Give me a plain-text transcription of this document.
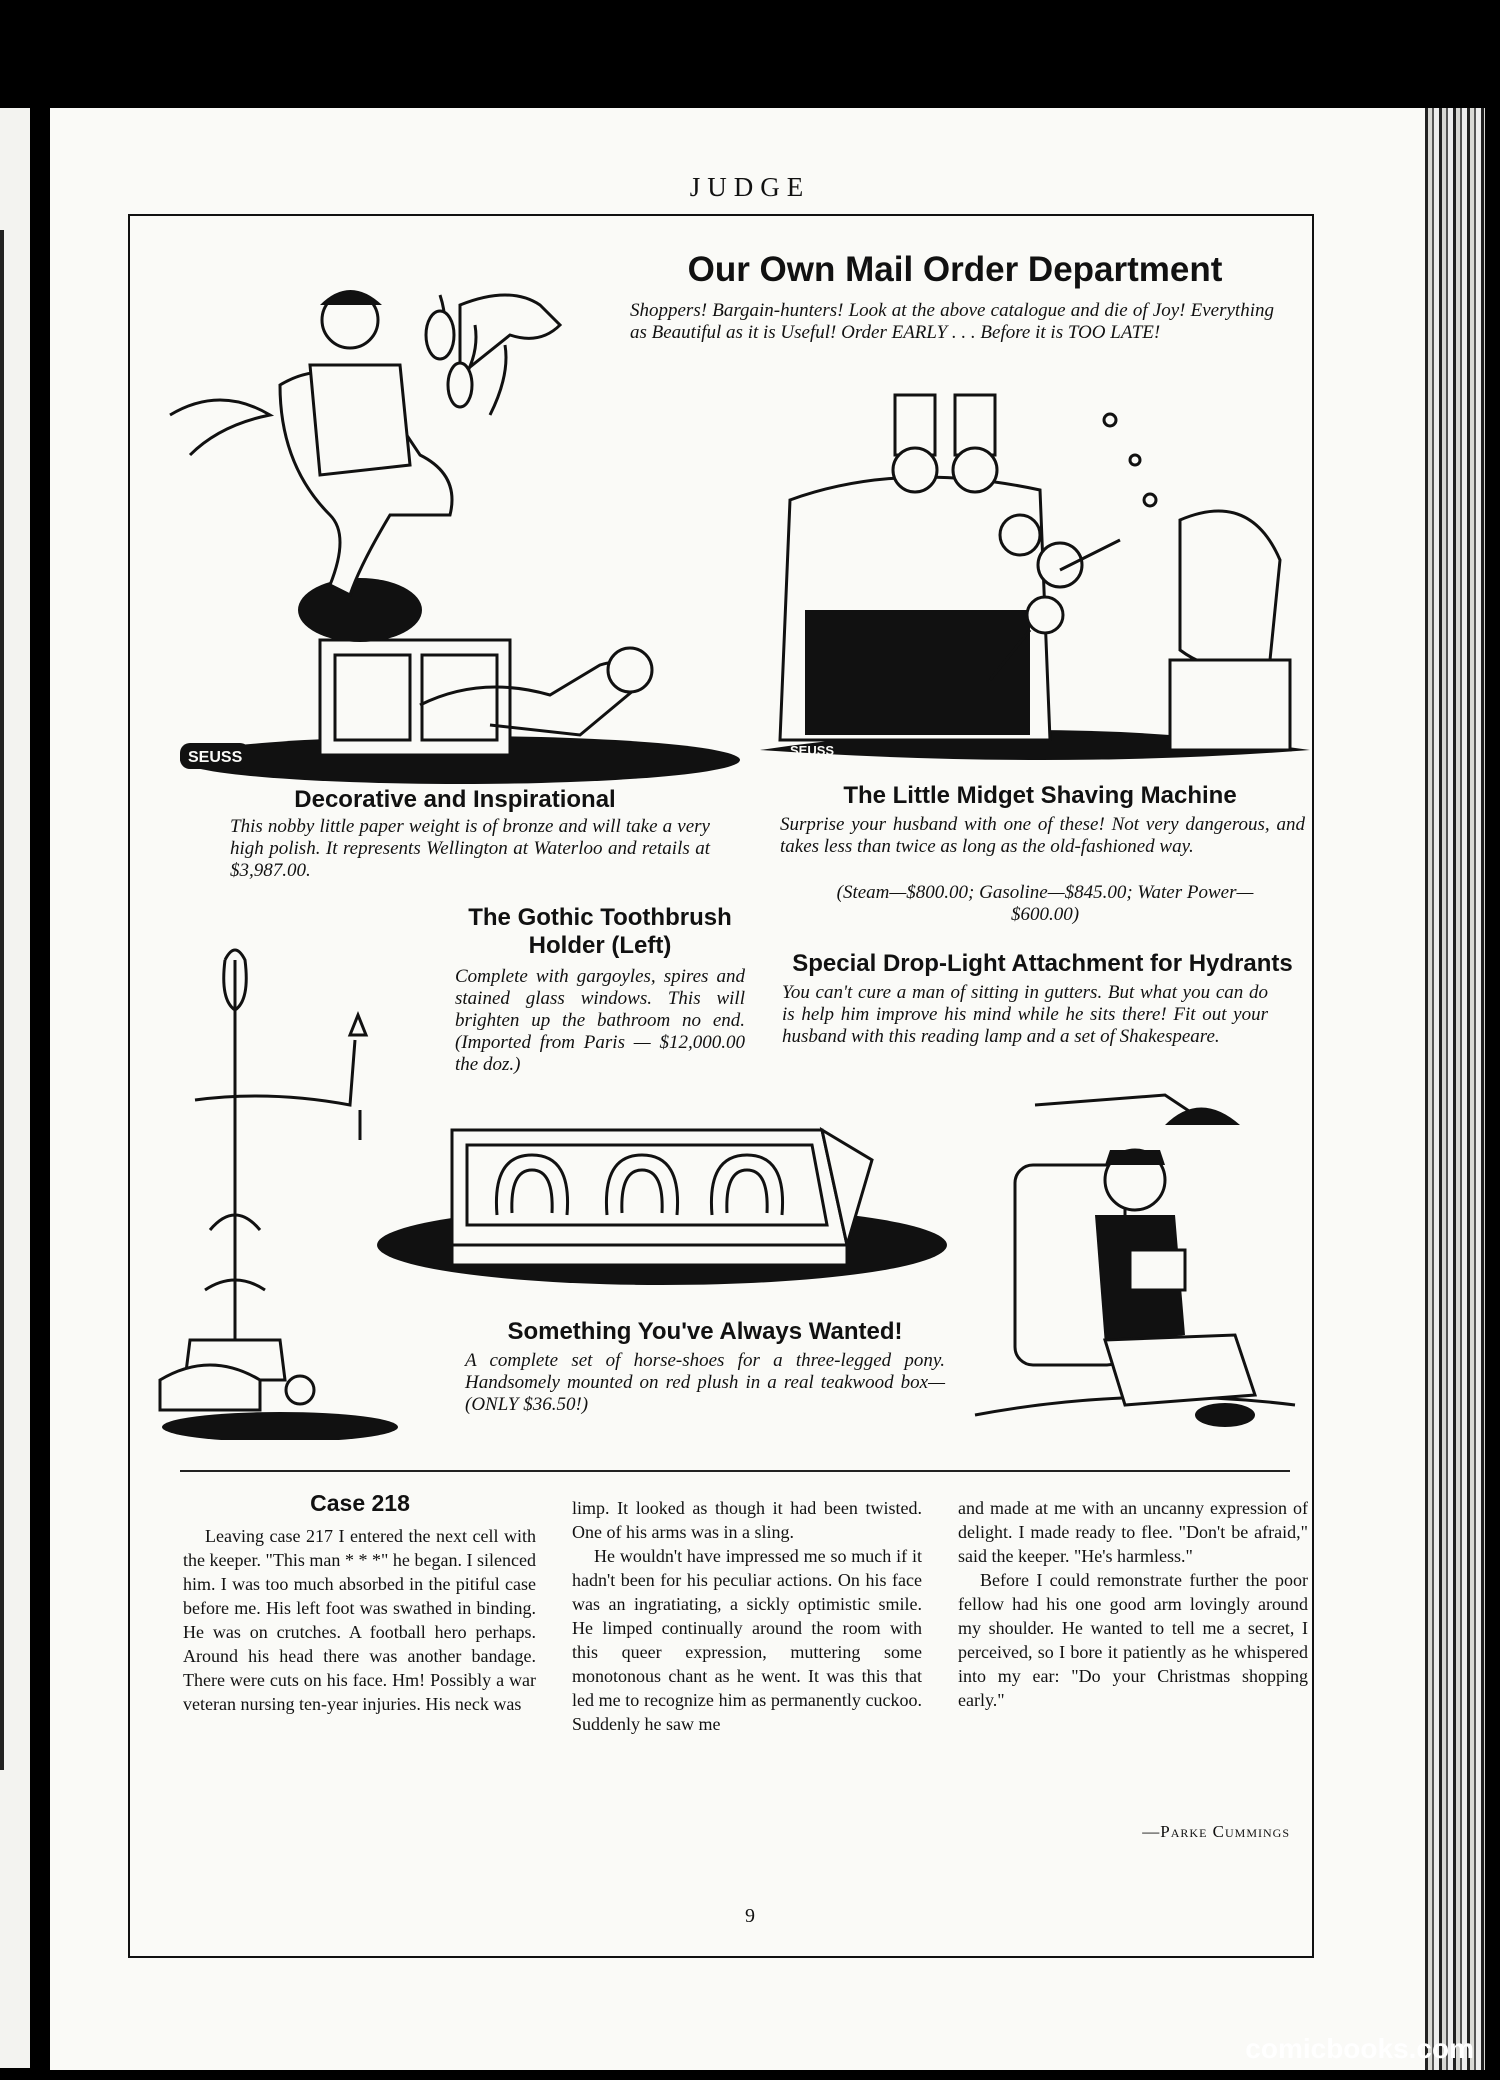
JUDGE
Our Own Mail Order Department
Shoppers! Bargain-hunters! Look at the above catalogue and die of Joy! Everything as Beautiful as it is Useful! Order EARLY . . . Before it is TOO LATE!
SEUSS	SEUSS
Decorative and Inspirational
This nobby little paper weight is of bronze and will take a very high polish. It represents Wellington at Waterloo and retails at $3,987.00.
The Little Midget Shaving Machine
Surprise your husband with one of these! Not very dangerous, and takes less than twice as long as the old-fashioned way.
(Steam—$800.00; Gasoline—$845.00; Water Power—$600.00)
The Gothic Toothbrush Holder (Left)
Complete with gargoyles, spires and stained glass windows. This will brighten up the bathroom no end. (Imported from Paris — $12,000.00 the doz.)
Special Drop-Light Attachment for Hydrants
You can't cure a man of sitting in gutters. But what you can do is help him improve his mind while he sits there! Fit out your husband with this reading lamp and a set of Shakespeare.
Something You've Always Wanted!
A complete set of horse-shoes for a three-legged pony. Handsomely mounted on red plush in a real teakwood box—(ONLY $36.50!)
Case 218

Leaving case 217 I entered the next cell with the keeper. "This man * * *" he began. I silenced him. I was too much absorbed in the pitiful case before me. His left foot was swathed in binding. He was on crutches. A football hero perhaps. Around his head there was another bandage. There were cuts on his face. Hm! Possibly a war veteran nursing ten-year injuries. His neck was

limp. It looked as though it had been twisted. One of his arms was in a sling.

He wouldn't have impressed me so much if it hadn't been for his peculiar actions. On his face was an ingratiating, a sickly optimistic smile. He limped continually around the room with this queer expression, muttering some monotonous chant as he went. It was this that led me to recognize him as permanently cuckoo. Suddenly he saw me

and made at me with an uncanny expression of delight. I made ready to flee. "Don't be afraid," said the keeper. "He's harmless."

Before I could remonstrate further the poor fellow had his one good arm lovingly around my shoulder. He wanted to tell me a secret, I perceived, so I bore it patiently as he whispered into my ear: "Do your Christmas shopping early."

—Parke Cummings
9
comicbooks.com
